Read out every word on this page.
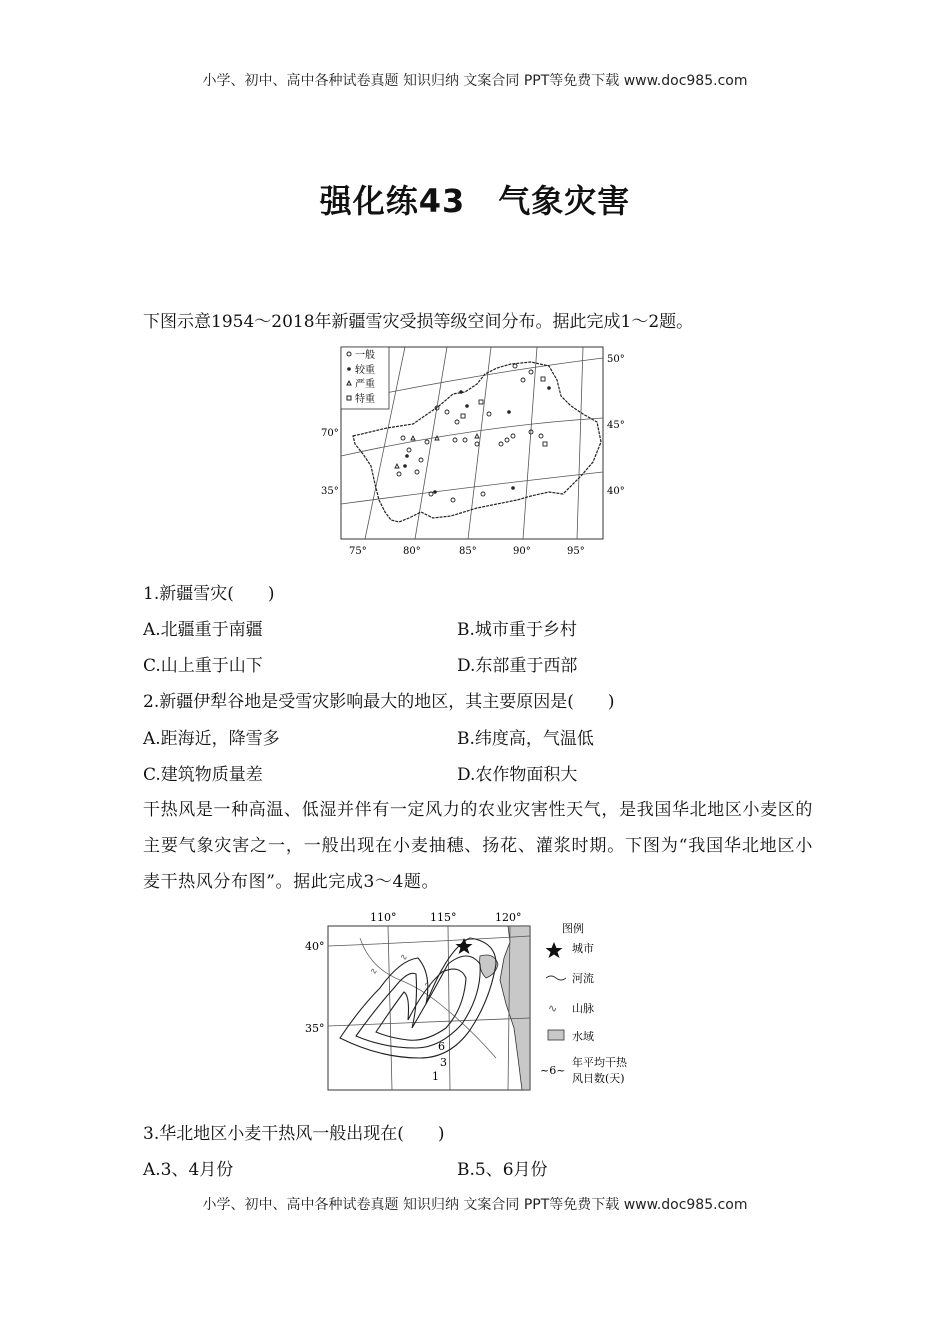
小学、初中、高中各种试卷真题 知识归纳 文案合同 PPT等免费下载 www.doc985.com
强化练43　气象灾害
下图示意1954～2018年新疆雪灾受损等级空间分布。据此完成1～2题。
一般
较重
严重
特重
50°
45°
40°
70°
35°
75°	80°	85°	90°	95°
1.新疆雪灾(　　)
A.北疆重于南疆	B.城市重于乡村
C.山上重于山下	D.东部重于西部
2.新疆伊犁谷地是受雪灾影响最大的地区，其主要原因是(　　)
A.距海近，降雪多	B.纬度高，气温低
C.建筑物质量差	D.农作物面积大
干热风是一种高温、低湿并伴有一定风力的农业灾害性天气，是我国华北地区小麦区的主要气象灾害之一，一般出现在小麦抽穗、扬花、灌浆时期。下图为“我国华北地区小麦干热风分布图”。据此完成3～4题。
110°	115°	120°
40°
35°
∿
∿
∿
6
3
1
图例
城市
河流
∿ 山脉
水域
~6~
年平均干热
风日数(天)
3.华北地区小麦干热风一般出现在(　　)
A.3、4月份	B.5、6月份
小学、初中、高中各种试卷真题 知识归纳 文案合同 PPT等免费下载 www.doc985.com
